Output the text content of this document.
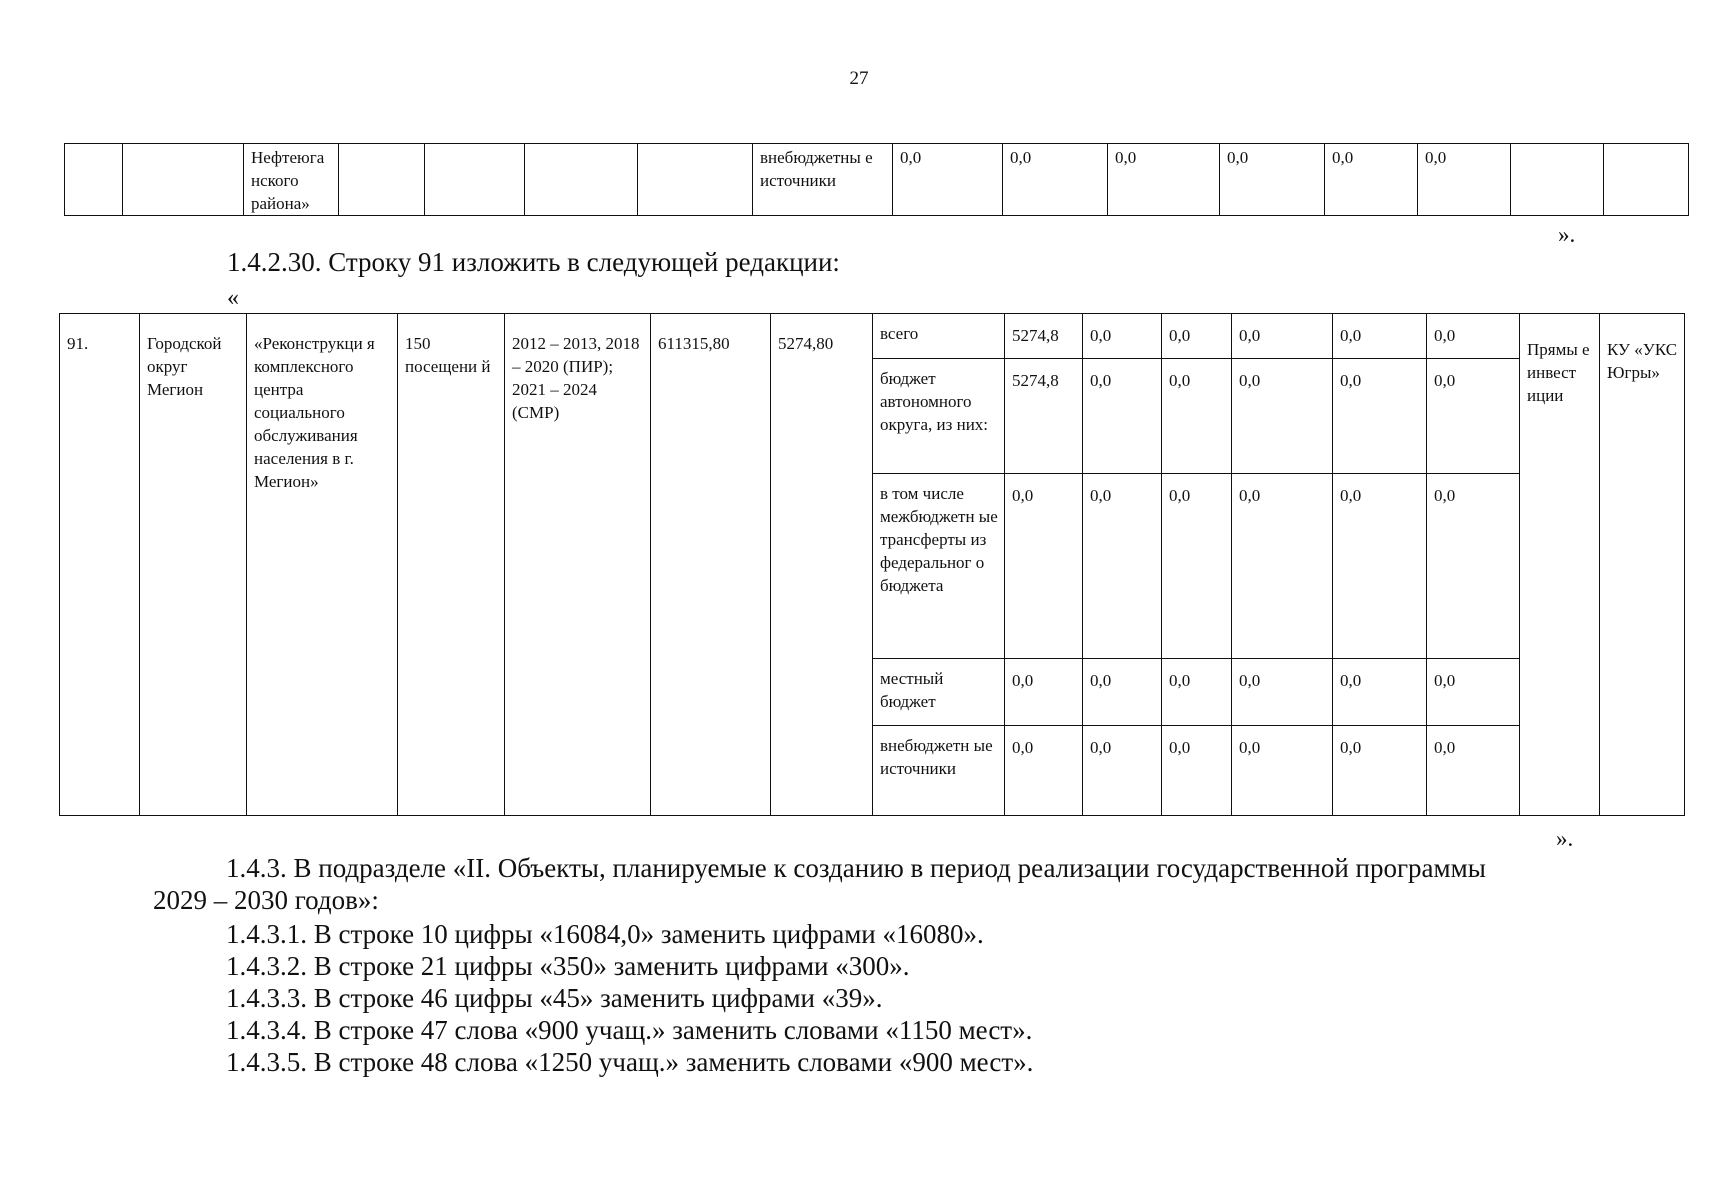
27
		Нефтеюга нского района»					внебюджетны е источники	0,0	0,0	0,0	0,0	0,0	0,0		
».
1.4.2.30. Строку 91 изложить в следующей редакции:
«
91.	Городской округ Мегион	«Реконструкци я комплексного центра социального обслуживания населения в г. Мегион»	150 посещени й	2012 – 2013, 2018 – 2020 (ПИР); 2021 – 2024 (СМР)	611315,80	5274,80	всего	5274,8	0,0	0,0	0,0	0,0	0,0	Прямы е инвест иции	КУ «УКС Югры»
							бюджет автономного округа, из них:	5274,8	0,0	0,0	0,0	0,0	0,0		
							в том числе межбюджетн ые трансферты из федеральног о бюджета	0,0	0,0	0,0	0,0	0,0	0,0		
							местный бюджет	0,0	0,0	0,0	0,0	0,0	0,0		
							внебюджетн ые источники	0,0	0,0	0,0	0,0	0,0	0,0		
».
1.4.3. В подразделе «II. Объекты, планируемые к созданию в период реализации государственной программы
2029 – 2030 годов»:
1.4.3.1. В строке 10 цифры «16084,0» заменить цифрами «16080».
1.4.3.2. В строке 21 цифры «350» заменить цифрами «300».
1.4.3.3. В строке 46 цифры «45» заменить цифрами «39».
1.4.3.4. В строке 47 слова «900 учащ.» заменить словами «1150 мест».
1.4.3.5. В строке 48 слова «1250 учащ.» заменить словами «900 мест».
